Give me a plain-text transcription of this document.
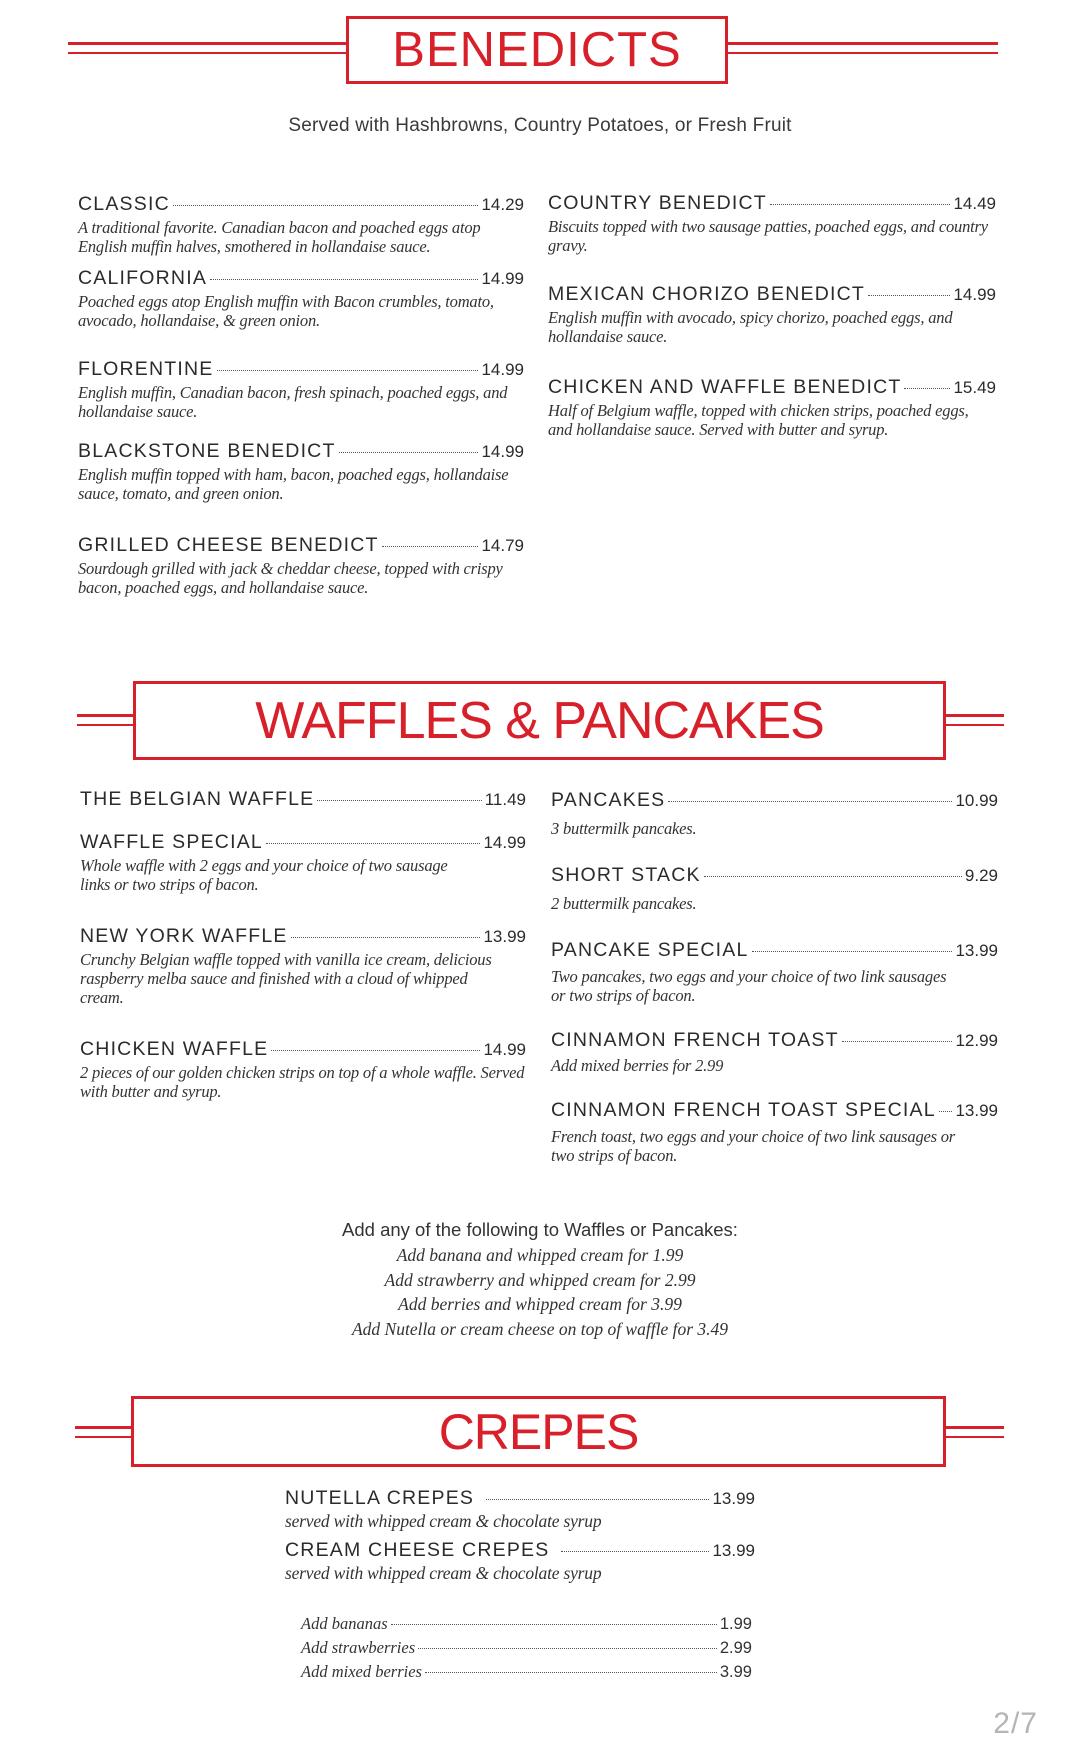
BENEDICTS
Served with Hashbrowns, Country Potatoes, or Fresh Fruit
CLASSIC	14.29
A traditional favorite. Canadian bacon and poached eggs atop English muffin halves, smothered in hollandaise sauce.
CALIFORNIA	14.99
Poached eggs atop English muffin with Bacon crumbles, tomato, avocado, hollandaise, & green onion.
FLORENTINE	14.99
English muffin, Canadian bacon, fresh spinach, poached eggs, and hollandaise sauce.
BLACKSTONE BENEDICT	14.99
English muffin topped with ham, bacon, poached eggs, hollandaise sauce, tomato, and green onion.
GRILLED CHEESE BENEDICT	14.79
Sourdough grilled with jack & cheddar cheese, topped with crispy bacon, poached eggs, and hollandaise sauce.
COUNTRY BENEDICT	14.49
Biscuits topped with two sausage patties, poached eggs, and country gravy.
MEXICAN CHORIZO BENEDICT	14.99
English muffin with avocado, spicy chorizo, poached eggs, and hollandaise sauce.
CHICKEN AND WAFFLE BENEDICT	15.49
Half of Belgium waffle, topped with chicken strips, poached eggs, and hollandaise sauce. Served with butter and syrup.
WAFFLES & PANCAKES
THE BELGIAN WAFFLE	11.49
WAFFLE SPECIAL	14.99
Whole waffle with 2 eggs and your choice of two sausage links or two strips of bacon.
NEW YORK WAFFLE	13.99
Crunchy Belgian waffle topped with vanilla ice cream, delicious raspberry melba sauce and finished with a cloud of whipped cream.
CHICKEN WAFFLE	14.99
2 pieces of our golden chicken strips on top of a whole waffle. Served with butter and syrup.
PANCAKES	10.99
3 buttermilk pancakes.
SHORT STACK	9.29
2 buttermilk pancakes.
PANCAKE SPECIAL	13.99
Two pancakes, two eggs and your choice of two link sausages or two strips of bacon.
CINNAMON FRENCH TOAST	12.99
Add mixed berries for 2.99
CINNAMON FRENCH TOAST SPECIAL 13.99
French toast, two eggs and your choice of two link sausages or two strips of bacon.
Add any of the following to Waffles or Pancakes:
Add banana and whipped cream for 1.99
Add strawberry and whipped cream for 2.99
Add berries and whipped cream for 3.99
Add Nutella or cream cheese on top of waffle for 3.49
CREPES
NUTELLA CREPES	13.99
served with whipped cream & chocolate syrup
CREAM CHEESE CREPES	13.99
served with whipped cream & chocolate syrup
Add bananas	1.99
Add strawberries	2.99
Add mixed berries	3.99
2/7
